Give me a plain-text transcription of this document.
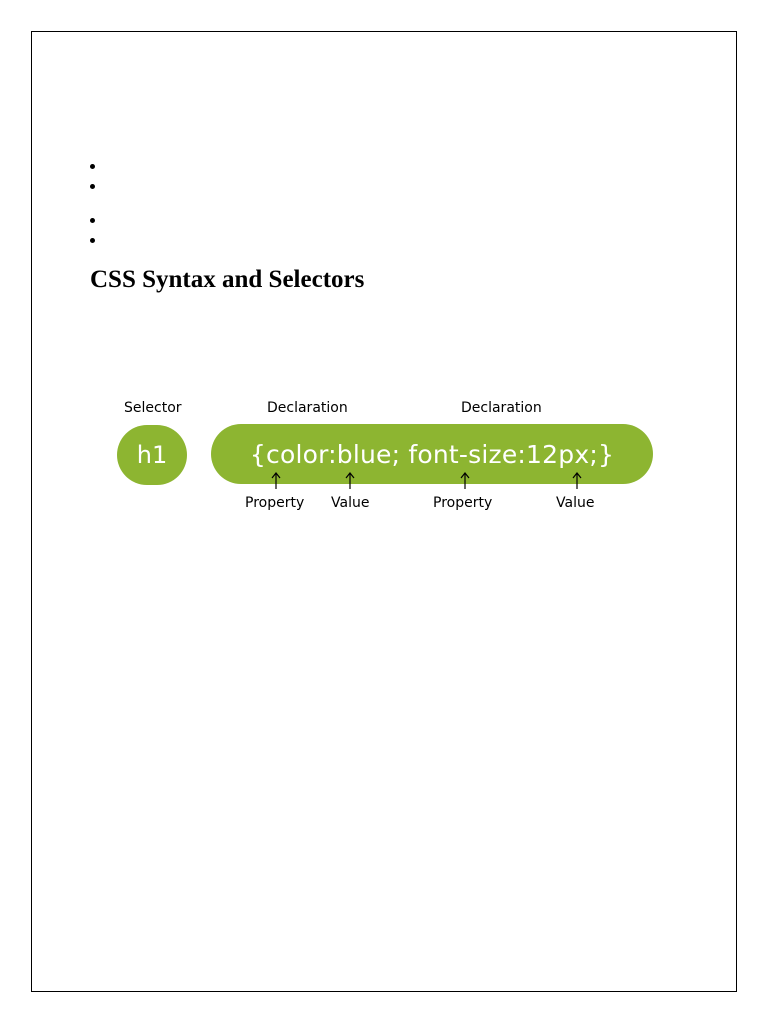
CSS Syntax and Selectors
Selector	Declaration	Declaration
h1	{color:blue; font-size:12px;}
Property Value	Property	Value
